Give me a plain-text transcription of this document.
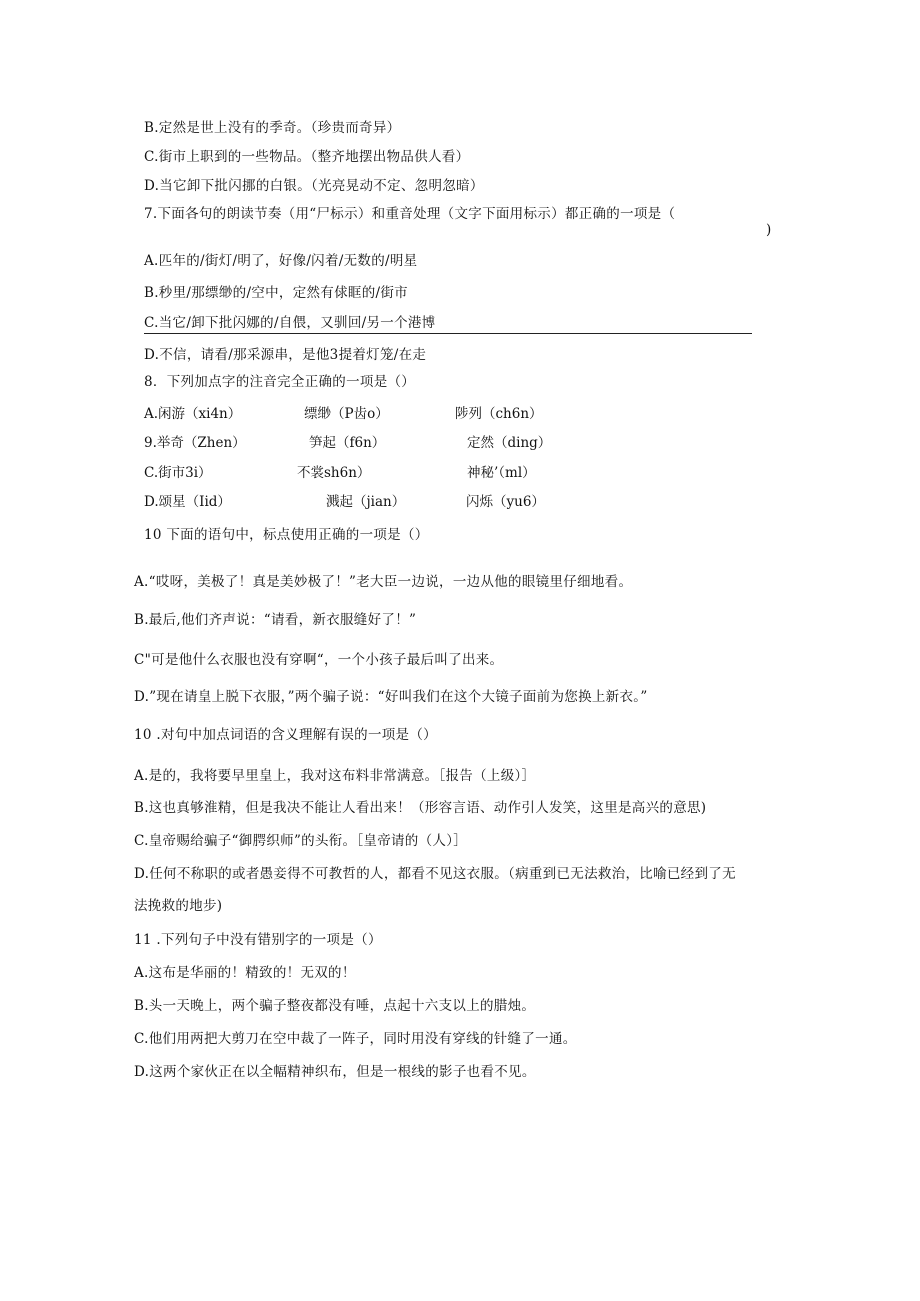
B.定然是世上没有的季奇。（珍贵而奇异）
C.街市上职到的一些物品。（整齐地摆出物品供人看）
D.当它卸下批闪挪的白银。（光亮晃动不定、忽明忽暗）
7.下面各句的朗读节奏（用“尸标示）和重音处理（文字下面用标示）都正确的一项是（
)
A.匹年的/街灯/明了，好像/闪着/无数的/明星
B.秒里/那缥缈的/空中，定然有俅眶的/街市
C.当它/卸下批闪娜的/自偎，又驯回/另一个港博
D.不信，请看/那采源串，是他3提着灯笼/在走
8．下列加点字的注音完全正确的一项是（）
A.闲游（xi4n）	缥缈（P齿o）	陟列（ch6n）
9.举奇（Zhen）	笋起（f6n）	定然（ding）
C.街市3i）	不裳sh6n）	神秘’（ml）
D.颂星（Iid）	溅起（jian）	闪烁（yu6）
10 下面的语句中，标点使用正确的一项是（）
A.“哎呀，美极了！真是美妙极了！”老大臣一边说，一边从他的眼镜里仔细地看。
B.最后,他们齐声说：“请看，新衣服缝好了！”
C"可是他什么衣服也没有穿啊“，一个小孩子最后叫了出来。
D.”现在请皇上脱下衣服，”两个骗子说：“好叫我们在这个大镜子面前为您换上新衣。”
10 .对句中加点词语的含义理解有误的一项是（）
A.是的，我将要早里皇上，我对这布料非常满意。［报告（上级）］
B.这也真够淮精，但是我决不能让人看出来！（形容言语、动作引人发笑，这里是高兴的意思)
C.皇帝赐给骗子“御腭织师”的头衔。［皇帝请的（人）］
D.任何不称职的或者愚妾得不可教哲的人，都看不见这衣服。（病重到已无法救治，比喻已经到了无
法挽救的地步)
11 .下列句子中没有错别字的一项是（）
A.这布是华丽的！精致的！无双的！
B.头一天晚上，两个骗子整夜都没有唾，点起十六支以上的腊烛。
C.他们用两把大剪刀在空中裁了一阵子，同时用没有穿线的针缝了一通。
D.这两个家伙正在以全幅精神织布，但是一根线的影子也看不见。
